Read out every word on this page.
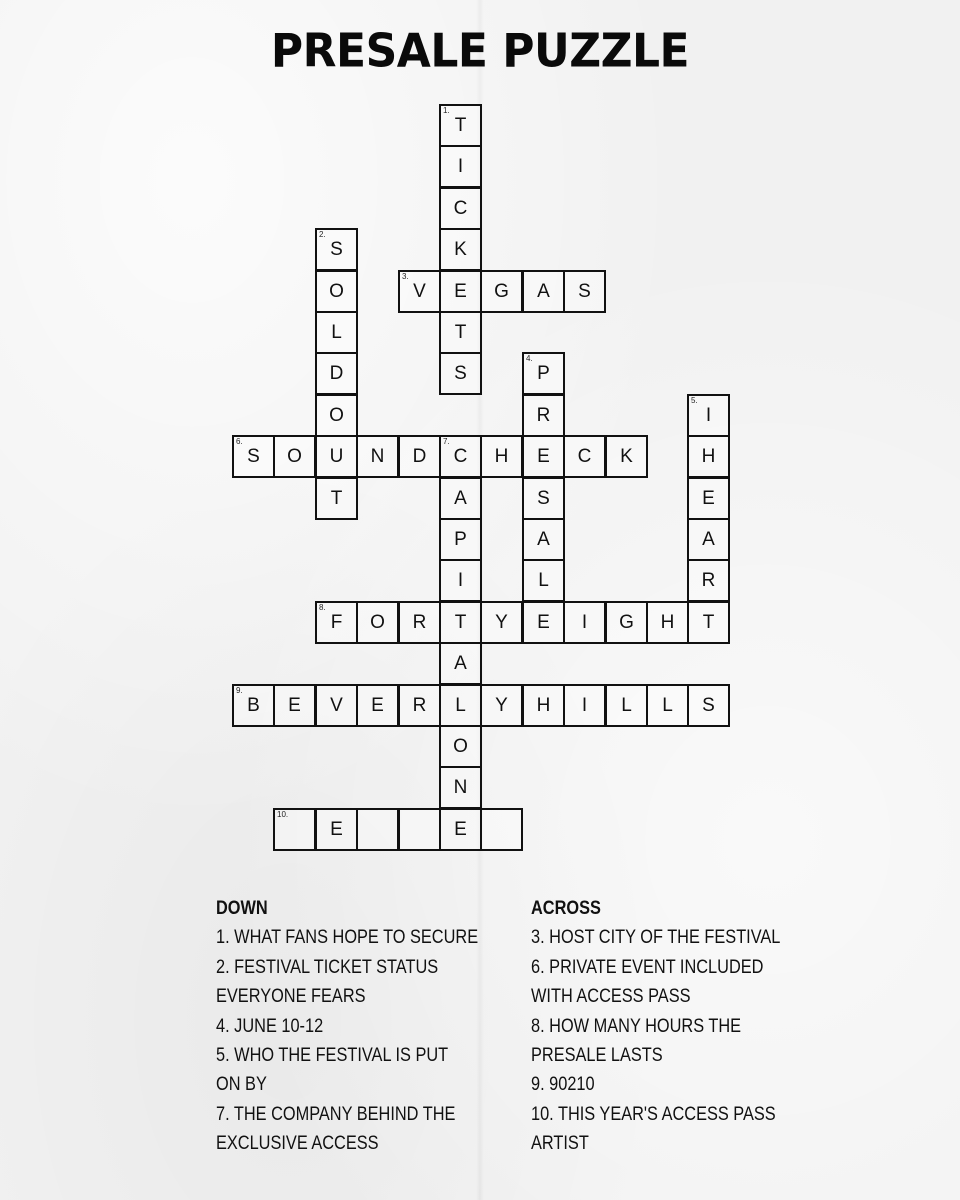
PRESALE PUZZLE
1.
T
I
C
K
E
T
S
2.
S
O
L
D
O
U
T
3.
V	G	A	S
4.
P
R
E
S
A
L
E
5.
I
H
E
A
R
T
6.
S	O	N	D
7.
C	H	C	K
A
P
I
T
A
L
O
N
E
8.
F	O	R	Y	I	G	H
9.
B	E	V	E	R	Y	H	I	L	L	S
10.
E
DOWN
1. WHAT FANS HOPE TO SECURE
2. FESTIVAL TICKET STATUS
EVERYONE FEARS
4. JUNE 10-12
5. WHO THE FESTIVAL IS PUT
ON BY
7. THE COMPANY BEHIND THE
EXCLUSIVE ACCESS
ACROSS
3. HOST CITY OF THE FESTIVAL
6. PRIVATE EVENT INCLUDED
WITH ACCESS PASS
8. HOW MANY HOURS THE
PRESALE LASTS
9. 90210
10. THIS YEAR'S ACCESS PASS
ARTIST
